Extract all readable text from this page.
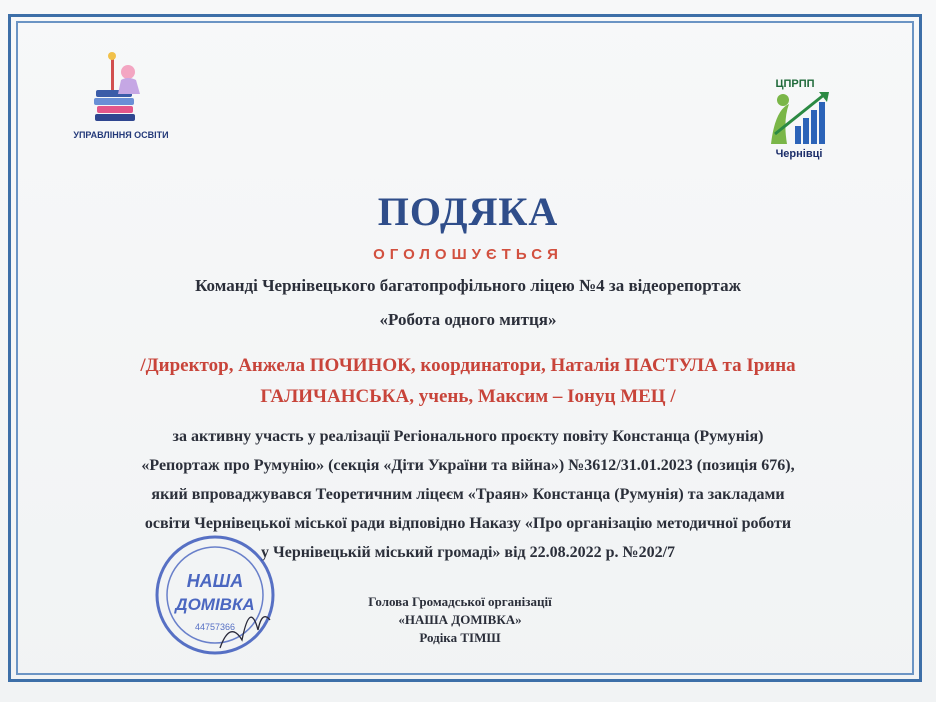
УПРАВЛІННЯ ОСВІТИ
ЦПРПП
Чернівці
ПОДЯКА
ОГОЛОШУЄТЬСЯ
Команді Чернівецького багатопрофільного ліцею №4 за відеорепортаж
«Робота одного митця»
/Директор, Анжела ПОЧИНОК, координатори, Наталія ПАСТУЛА та Ірина
ГАЛИЧАНСЬКА, учень, Максим – Іонуц МЕЦ /
за активну участь у реалізації Регіонального проєкту повіту Констанца (Румунія)
«Репортаж про Румунію» (секція «Діти України та війна») №3612/31.01.2023 (позиція 676),
який впроваджувався Теоретичним ліцеєм «Траян» Констанца (Румунія) та закладами
освіти Чернівецької міської ради відповідно Наказу «Про організацію методичної роботи
у Чернівецькій міський громаді» від 22.08.2022 р. №202/7
НАША
ДОМІВКА
44757366
Голова Громадської організації
«НАША ДОМІВКА»
Родіка ТІМШ
